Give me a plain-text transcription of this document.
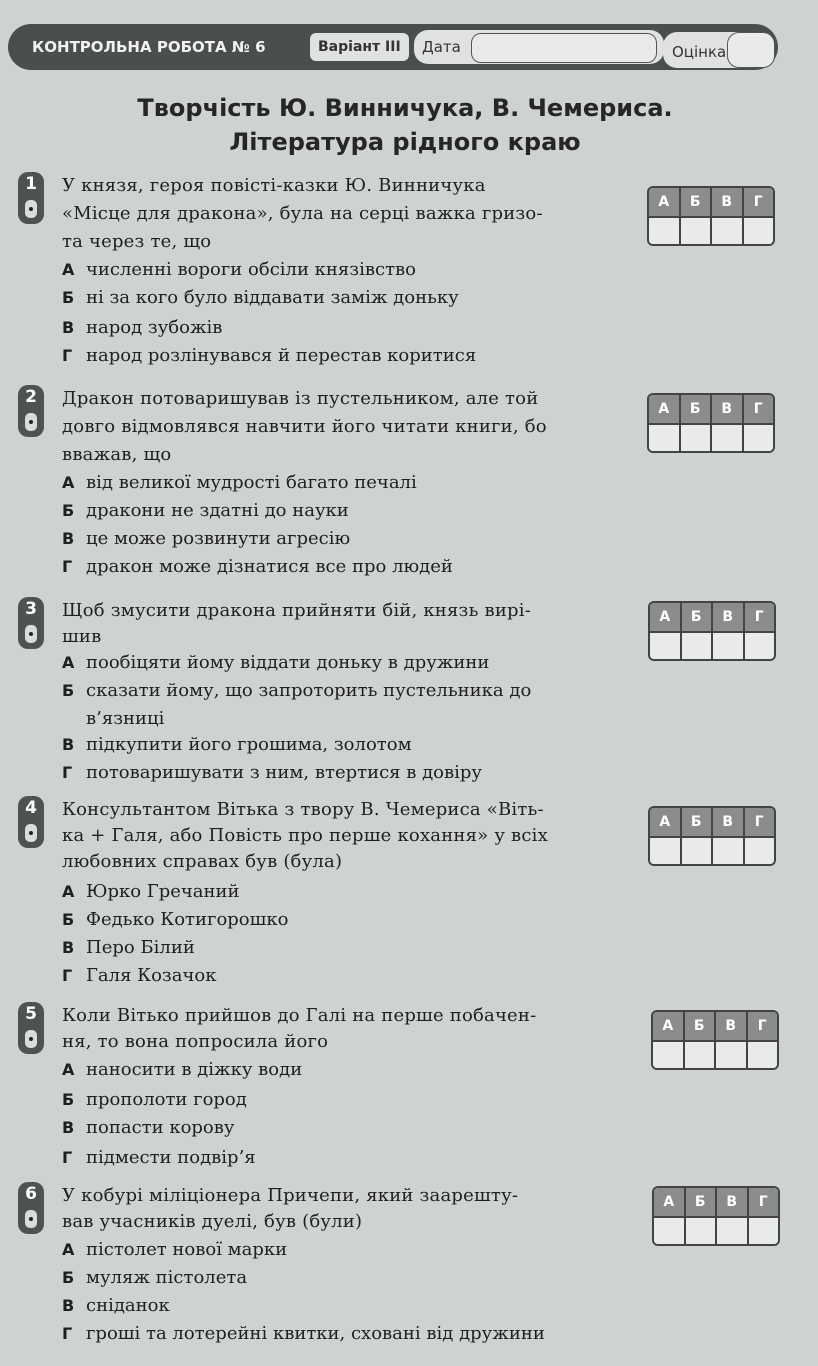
КОНТРОЛЬНА РОБОТА № 6	Варіант III	Дата	Оцінка
Творчість Ю. Винничука, В. Чемериса.
Література рідного краю
1	У князя, героя повісті-казки Ю. Винничука
«Місце для дракона», була на серці важка гризо-
та через те, що
А численні вороги обсіли князівство
Б ні за кого було віддавати заміж доньку
В народ зубожів
Г народ розлінувався й перестав коритися
А	Б	В	Г
2	Дракон потоваришував із пустельником, але той
довго відмовлявся навчити його читати книги, бо
вважав, що
А від великої мудрості багато печалі
Б дракони не здатні до науки
В це може розвинути агресію
Г дракон може дізнатися все про людей
А	Б	В	Г
3	Щоб змусити дракона прийняти бій, князь вирі-
шив
А пообіцяти йому віддати доньку в дружини
Б сказати йому, що запроторить пустельника до
в’язниці
В підкупити його грошима, золотом
Г потоваришувати з ним, втертися в довіру
А	Б	В	Г
4	Консультантом Вітька з твору В. Чемериса «Віть-
ка + Галя, або Повість про перше кохання» у всіх
любовних справах був (була)
А Юрко Гречаний
Б Федько Котигорошко
В Перо Білий
Г Галя Козачок
А	Б	В	Г
5	Коли Вітько прийшов до Галі на перше побачен-
ня, то вона попросила його
А наносити в діжку води
Б прополоти город
В попасти корову
Г підмести подвір’я
А	Б	В	Г
6	У кобурі міліціонера Причепи, який заарешту-
вав учасників дуелі, був (були)
А пістолет нової марки
Б муляж пістолета
В сніданок
Г гроші та лотерейні квитки, сховані від дружини
А	Б	В	Г
